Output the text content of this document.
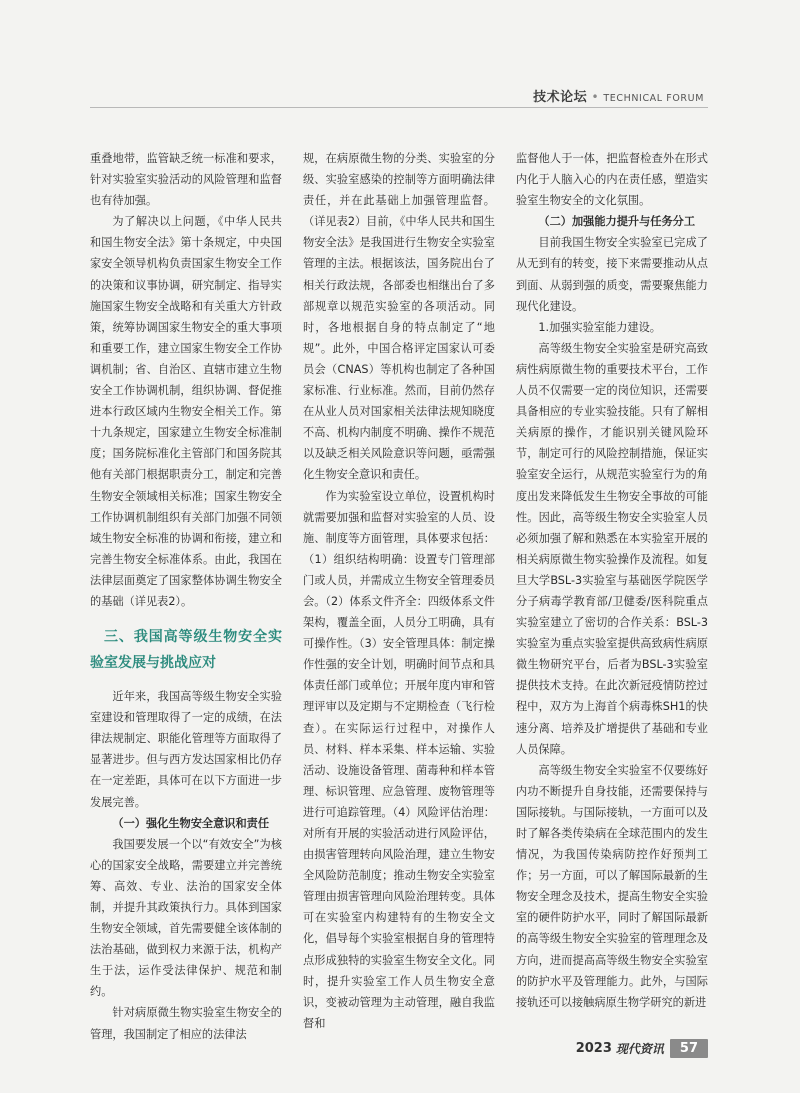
技术论坛 • TECHNICAL FORUM

重叠地带，监管缺乏统一标准和要求，针对实验室实验活动的风险管理和监督也有待加强。

为了解决以上问题，《中华人民共和国生物安全法》第十条规定，中央国家安全领导机构负责国家生物安全工作的决策和议事协调，研究制定、指导实施国家生物安全战略和有关重大方针政策，统筹协调国家生物安全的重大事项和重要工作，建立国家生物安全工作协调机制；省、自治区、直辖市建立生物安全工作协调机制，组织协调、督促推进本行政区域内生物安全相关工作。第十九条规定，国家建立生物安全标准制度；国务院标准化主管部门和国务院其他有关部门根据职责分工，制定和完善生物安全领域相关标准；国家生物安全工作协调机制组织有关部门加强不同领域生物安全标准的协调和衔接，建立和完善生物安全标准体系。由此，我国在法律层面奠定了国家整体协调生物安全的基础（详见表2）。

三、我国高等级生物安全实验室发展与挑战应对

近年来，我国高等级生物安全实验室建设和管理取得了一定的成绩，在法律法规制定、职能化管理等方面取得了显著进步。但与西方发达国家相比仍存在一定差距，具体可在以下方面进一步发展完善。

（一）强化生物安全意识和责任

我国要发展一个以“有效安全”为核心的国家安全战略，需要建立并完善统筹、高效、专业、法治的国家安全体制，并提升其政策执行力。具体到国家生物安全领域，首先需要健全该体制的法治基础，做到权力来源于法，机构产生于法，运作受法律保护、规范和制约。

针对病原微生物实验室生物安全的管理，我国制定了相应的法律法

规，在病原微生物的分类、实验室的分级、实验室感染的控制等方面明确法律责任，并在此基础上加强管理监督。（详见表2）目前，《中华人民共和国生物安全法》是我国进行生物安全实验室管理的主法。根据该法，国务院出台了相关行政法规，各部委也相继出台了多部规章以规范实验室的各项活动。同时，各地根据自身的特点制定了“地规”。此外，中国合格评定国家认可委员会（CNAS）等机构也制定了各种国家标准、行业标准。然而，目前仍然存在从业人员对国家相关法律法规知晓度不高、机构内制度不明确、操作不规范以及缺乏相关风险意识等问题，亟需强化生物安全意识和责任。

作为实验室设立单位，设置机构时就需要加强和监督对实验室的人员、设施、制度等方面管理，具体要求包括：（1）组织结构明确：设置专门管理部门或人员，并需成立生物安全管理委员会。（2）体系文件齐全：四级体系文件架构，覆盖全面，人员分工明确，具有可操作性。（3）安全管理具体：制定操作性强的安全计划，明确时间节点和具体责任部门或单位；开展年度内审和管理评审以及定期与不定期检查（飞行检查）。在实际运行过程中，对操作人员、材料、样本采集、样本运输、实验活动、设施设备管理、菌毒种和样本管理、标识管理、应急管理、废物管理等进行可追踪管理。（4）风险评估治理：对所有开展的实验活动进行风险评估，由损害管理转向风险治理，建立生物安全风险防范制度；推动生物安全实验室管理由损害管理向风险治理转变。具体可在实验室内构建特有的生物安全文化，倡导每个实验室根据自身的管理特点形成独特的实验室生物安全文化。同时，提升实验室工作人员生物安全意识，变被动管理为主动管理，融自我监督和

监督他人于一体，把监督检查外在形式内化于人脑入心的内在责任感，塑造实验室生物安全的文化氛围。

（二）加强能力提升与任务分工

目前我国生物安全实验室已完成了从无到有的转变，接下来需要推动从点到面、从弱到强的质变，需要聚焦能力现代化建设。

1.加强实验室能力建设。

高等级生物安全实验室是研究高致病性病原微生物的重要技术平台，工作人员不仅需要一定的岗位知识，还需要具备相应的专业实验技能。只有了解相关病原的操作，才能识别关键风险环节，制定可行的风险控制措施，保证实验室安全运行，从规范实验室行为的角度出发来降低发生生物安全事故的可能性。因此，高等级生物安全实验室人员必须加强了解和熟悉在本实验室开展的相关病原微生物实验操作及流程。如复旦大学BSL-3实验室与基础医学院医学分子病毒学教育部/卫健委/医科院重点实验室建立了密切的合作关系：BSL-3实验室为重点实验室提供高致病性病原微生物研究平台，后者为BSL-3实验室提供技术支持。在此次新冠疫情防控过程中，双方为上海首个病毒株SH1的快速分离、培养及扩增提供了基础和专业人员保障。

高等级生物安全实验室不仅要练好内功不断提升自身技能，还需要保持与国际接轨。与国际接轨，一方面可以及时了解各类传染病在全球范围内的发生情况，为我国传染病防控作好预判工作；另一方面，可以了解国际最新的生物安全理念及技术，提高生物安全实验室的硬件防护水平，同时了解国际最新的高等级生物安全实验室的管理理念及方向，进而提高高等级生物安全实验室的防护水平及管理能力。此外，与国际接轨还可以接触病原生物学研究的新进

2023 现代资讯	57
